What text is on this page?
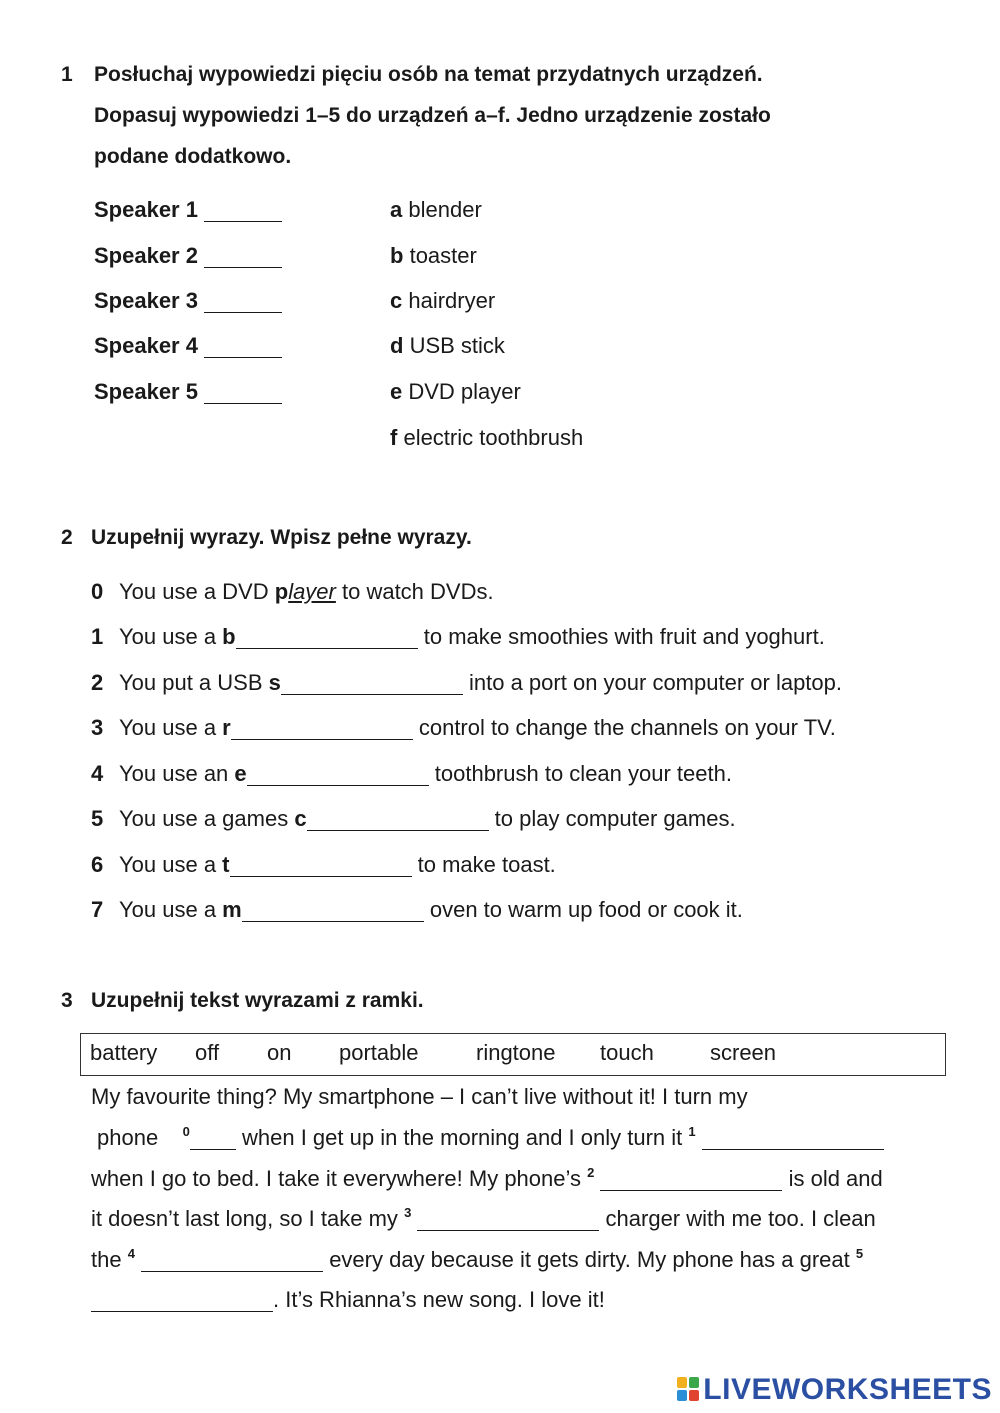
1 Posłuchaj wypowiedzi pięciu osób na temat przydatnych urządzeń.
Dopasuj wypowiedzi 1–5 do urządzeń a–f. Jedno urządzenie zostało
podane dodatkowo.
Speaker 1
Speaker 2
Speaker 3
Speaker 4
Speaker 5
a blender
b toaster
c hairdryer
d USB stick
e DVD player
f electric toothbrush
2 Uzupełnij wyrazy. Wpisz pełne wyrazy.
0 You use a DVD player to watch DVDs.
1 You use a b	to make smoothies with fruit and yoghurt.
2 You put a USB s	into a port on your computer or laptop.
3 You use a r	control to change the channels on your TV.
4 You use an e	toothbrush to clean your teeth.
5 You use a games c	to play computer games.
6 You use a t	to make toast.
7 You use a m	oven to warm up food or cook it.
3 Uzupełnij tekst wyrazami z ramki.
battery off on portable	ringtone touch	screen
My favourite thing? My smartphone – I can’t live without it! I turn my
phone $^0$ when I get up in the morning and I only turn it $^1$
when I go to bed. I take it everywhere! My phone’s $^2$	is old and
it doesn’t last long, so I take my $^3$	charger with me too. I clean
the $^4$	every day because it gets dirty. My phone has a great $^5$
. It’s Rhianna’s new song. I love it!
LIVEWORKSHEETS
